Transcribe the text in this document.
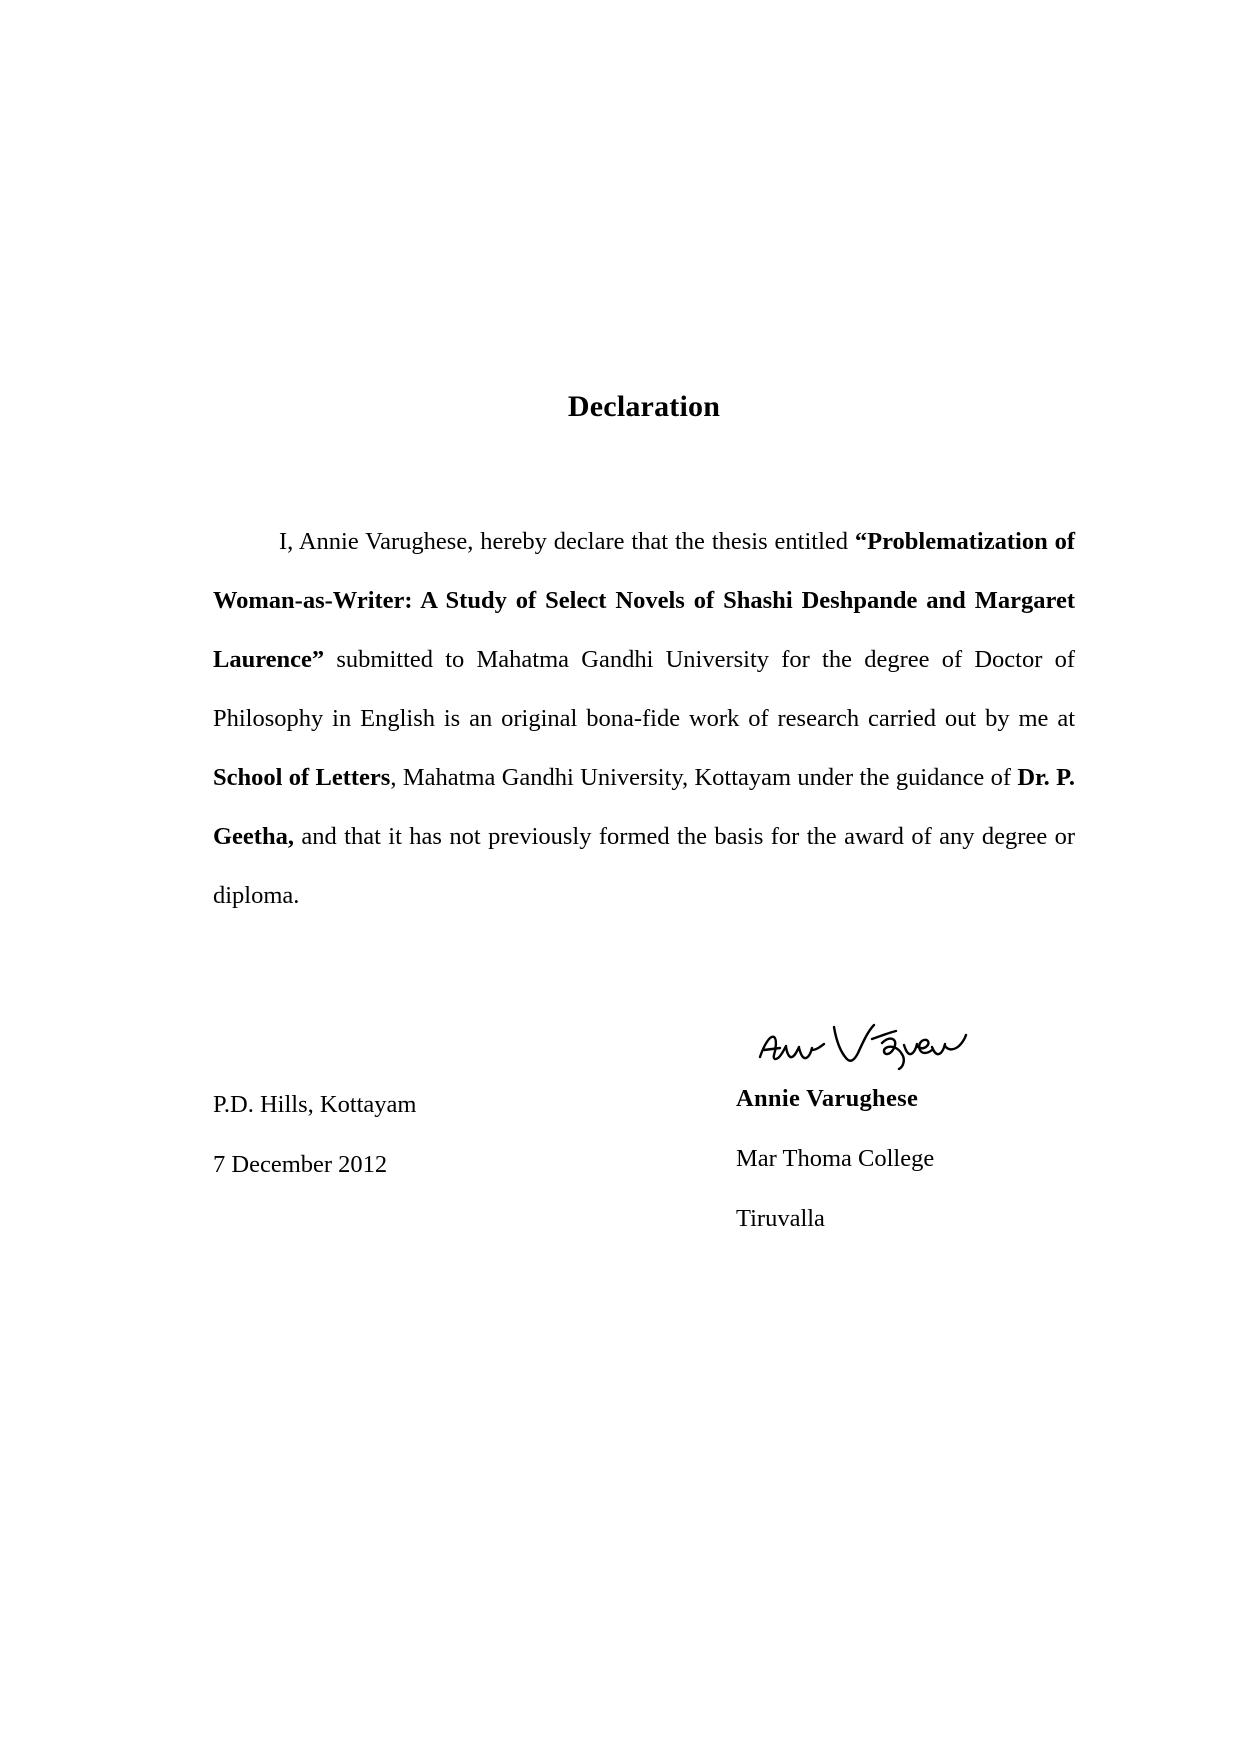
Declaration

I, Annie Varughese, hereby declare that the thesis entitled “Problematization of Woman-as-Writer: A Study of Select Novels of Shashi Deshpande and Margaret Laurence” submitted to Mahatma Gandhi University for the degree of Doctor of Philosophy in English is an original bona-fide work of research carried out by me at School of Letters, Mahatma Gandhi University, Kottayam under the guidance of Dr. P. Geetha, and that it has not previously formed the basis for the award of any degree or diploma.

P.D. Hills, Kottayam
7 December 2012
Annie Varughese
Mar Thoma College
Tiruvalla
